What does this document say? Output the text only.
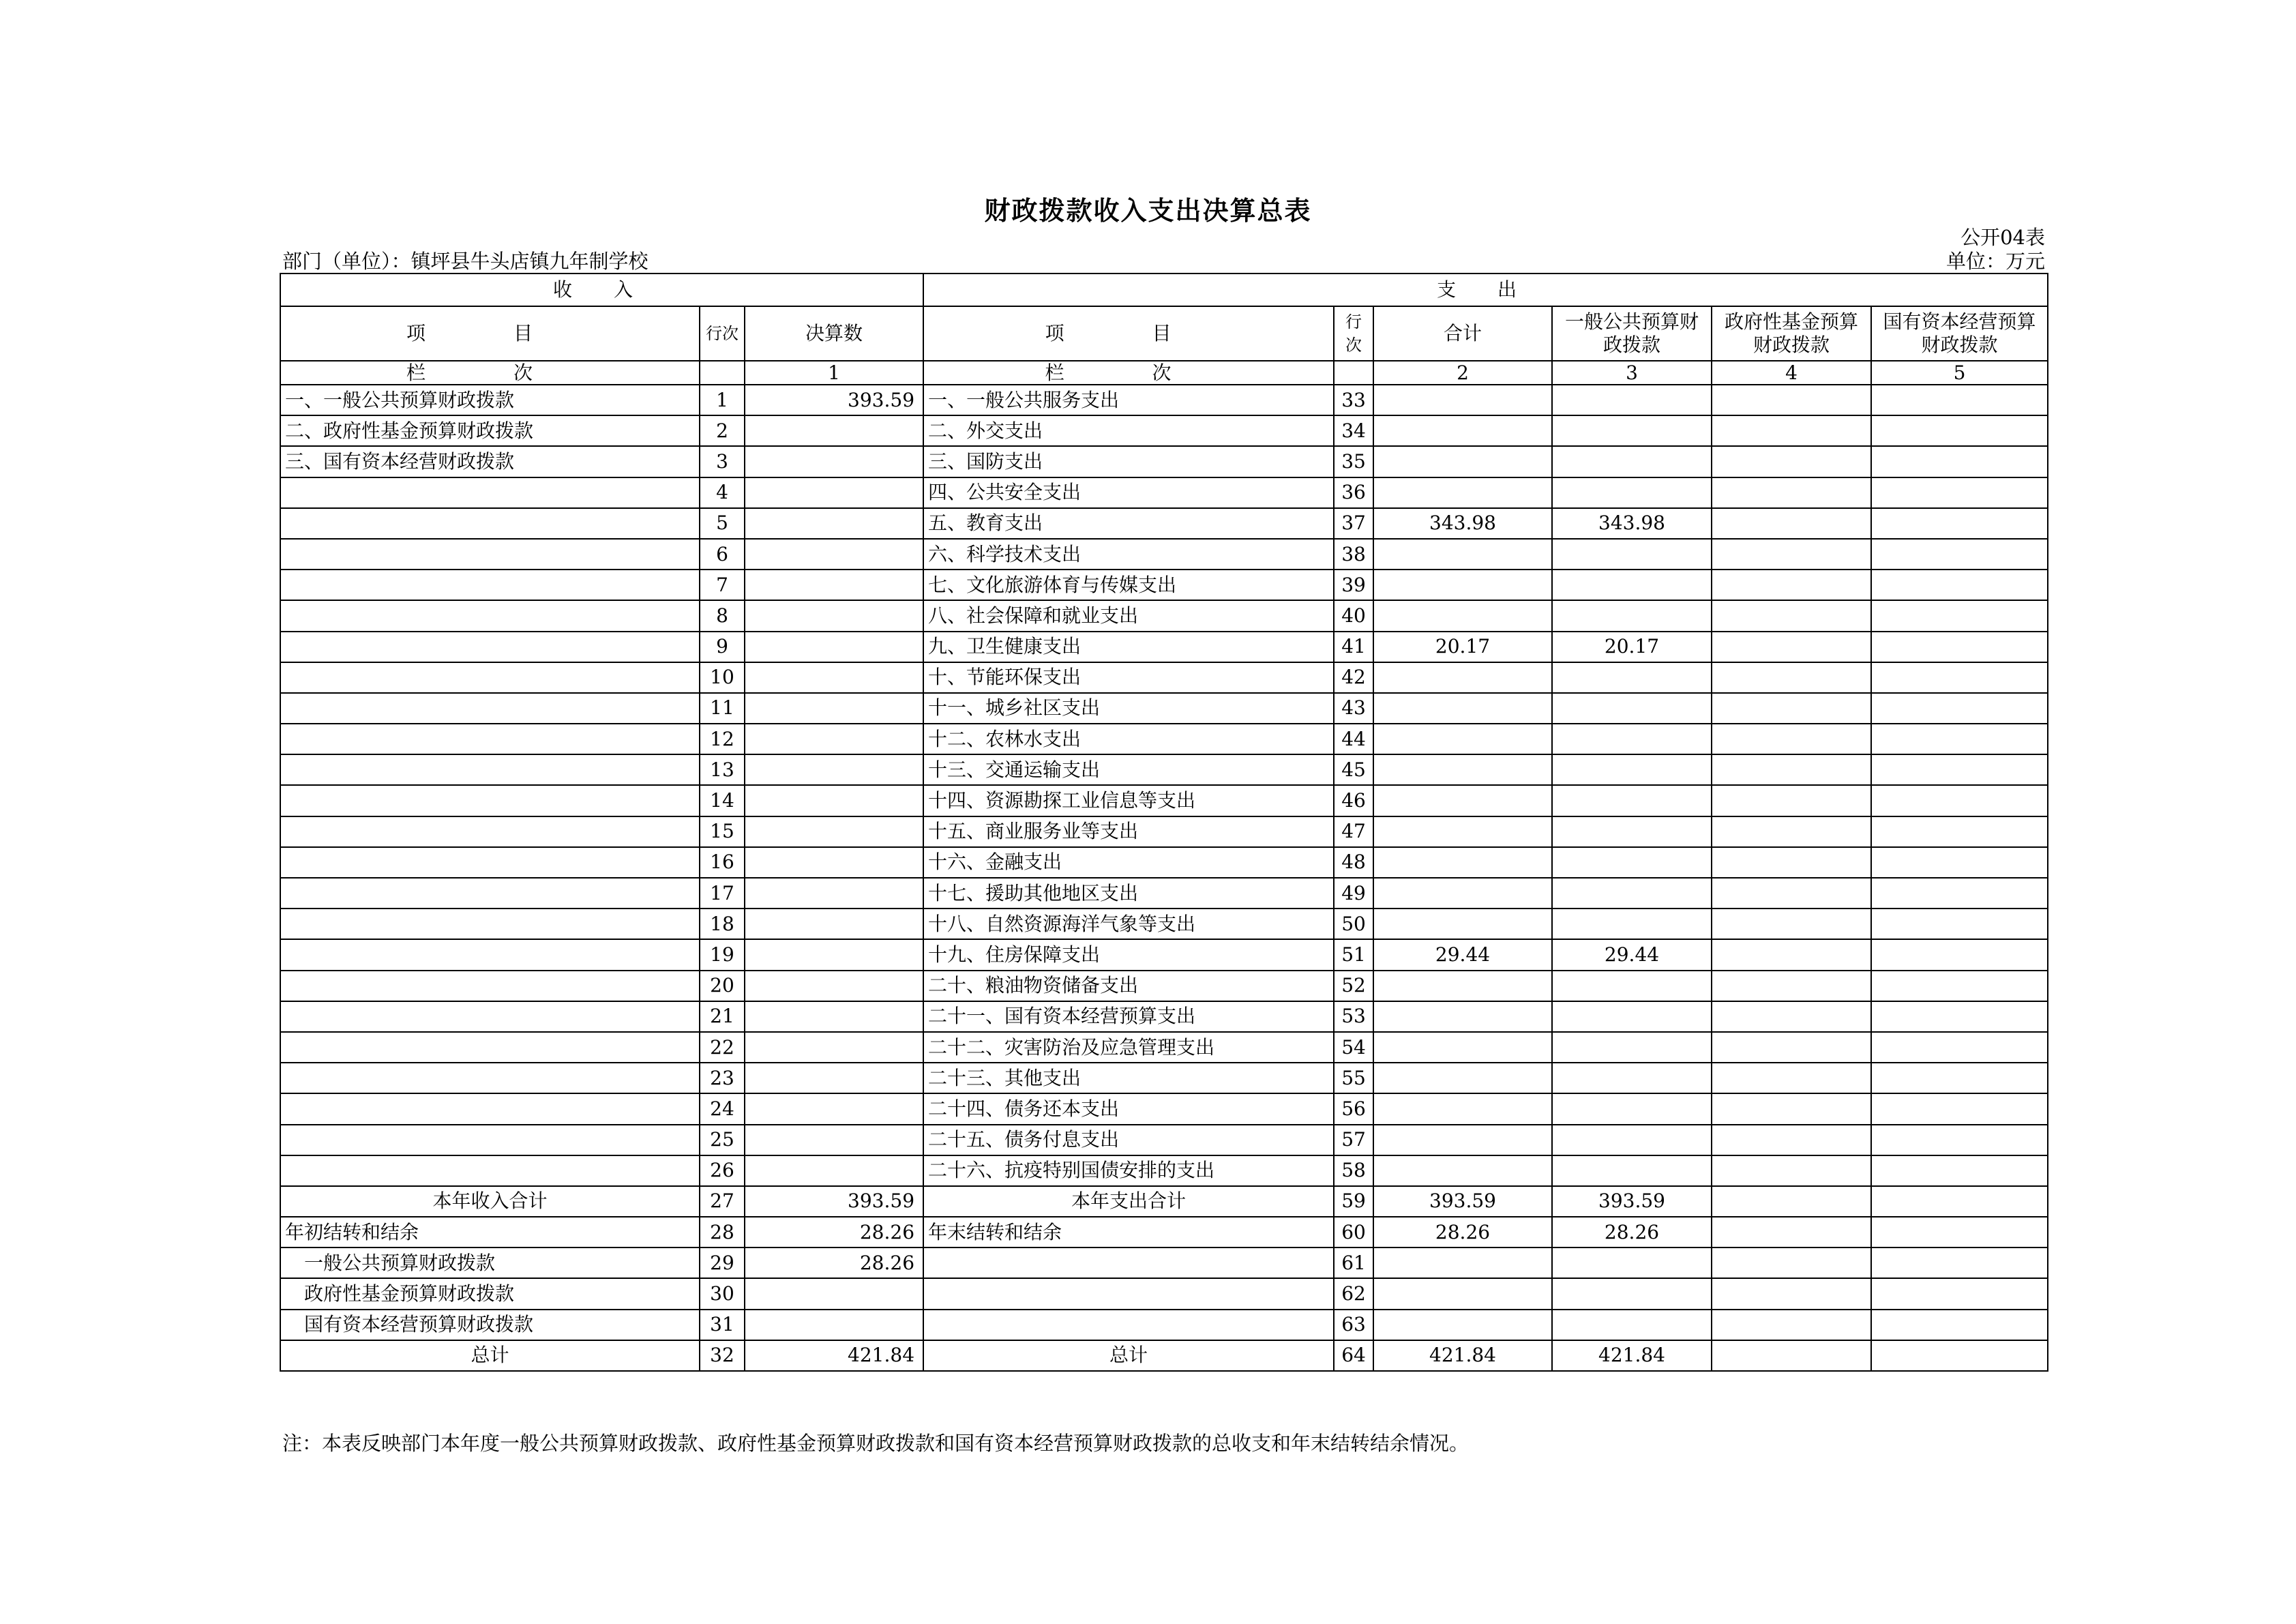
财政拨款收入支出决算总表
公开04表
部门（单位）：镇坪县牛头店镇九年制学校	单位：万元
收 入			支 出					
项 目	行次	决算数	项 目	行次	合计	一般公共预算财政拨款	政府性基金预算财政拨款	国有资本经营预算财政拨款
栏 次		1	栏 次		2	3	4	5
一、一般公共预算财政拨款	1	393.59	一、一般公共服务支出	33				
二、政府性基金预算财政拨款	2		二、外交支出	34				
三、国有资本经营财政拨款	3		三、国防支出	35				
	4		四、公共安全支出	36				
	5		五、教育支出	37	343.98	343.98		
	6		六、科学技术支出	38				
	7		七、文化旅游体育与传媒支出	39				
	8		八、社会保障和就业支出	40				
	9		九、卫生健康支出	41	20.17	20.17		
	10		十、节能环保支出	42				
	11		十一、城乡社区支出	43				
	12		十二、农林水支出	44				
	13		十三、交通运输支出	45				
	14		十四、资源勘探工业信息等支出	46				
	15		十五、商业服务业等支出	47				
	16		十六、金融支出	48				
	17		十七、援助其他地区支出	49				
	18		十八、自然资源海洋气象等支出	50				
	19		十九、住房保障支出	51	29.44	29.44		
	20		二十、粮油物资储备支出	52				
	21		二十一、国有资本经营预算支出	53				
	22		二十二、灾害防治及应急管理支出	54				
	23		二十三、其他支出	55				
	24		二十四、债务还本支出	56				
	25		二十五、债务付息支出	57				
	26		二十六、抗疫特别国债安排的支出	58				
本年收入合计	27	393.59	本年支出合计	59	393.59	393.59		
年初结转和结余	28	28.26	年末结转和结余	60	28.26	28.26		
一般公共预算财政拨款	29	28.26		61				
政府性基金预算财政拨款	30			62				
国有资本经营预算财政拨款	31			63				
总计	32	421.84	总计	64	421.84	421.84		
注：本表反映部门本年度一般公共预算财政拨款、政府性基金预算财政拨款和国有资本经营预算财政拨款的总收支和年末结转结余情况。
